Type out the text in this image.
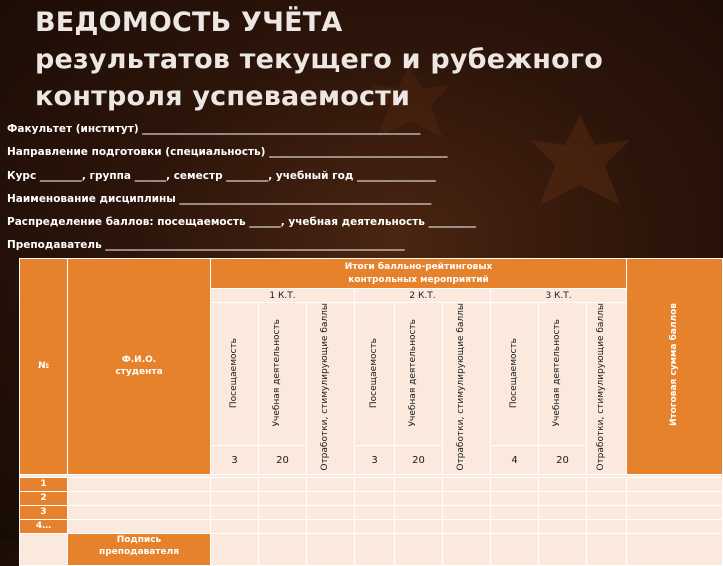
ВЕДОМОСТЬ УЧЁТА
результатов текущего и рубежного
контроля успеваемости
Факультет (институт) _____________________________________________________
Направление подготовки (специальность) __________________________________
Курс ________, группа ______, семестр ________, учебный год _______________
Наименование дисциплины ________________________________________________
Распределение баллов: посещаемость ______, учебная деятельность _________
Преподаватель _________________________________________________________
№	Ф.И.О. студента	Итоги балльно-рейтинговых контрольных мероприятий									Итоговая сумма баллов
		1 К.Т.			2 К.Т.			3 К.Т.			
		Посещаемость	Учебная деятельность	Отработки, стимулирующие баллы	Посещаемость	Учебная деятельность	Отработки, стимулирующие баллы	Посещаемость	Учебная деятельность	Отработки, стимулирующие баллы	
		3	20		3	20		4	20		

1											
2											
3											
4…											
	Подпись преподавателя										
